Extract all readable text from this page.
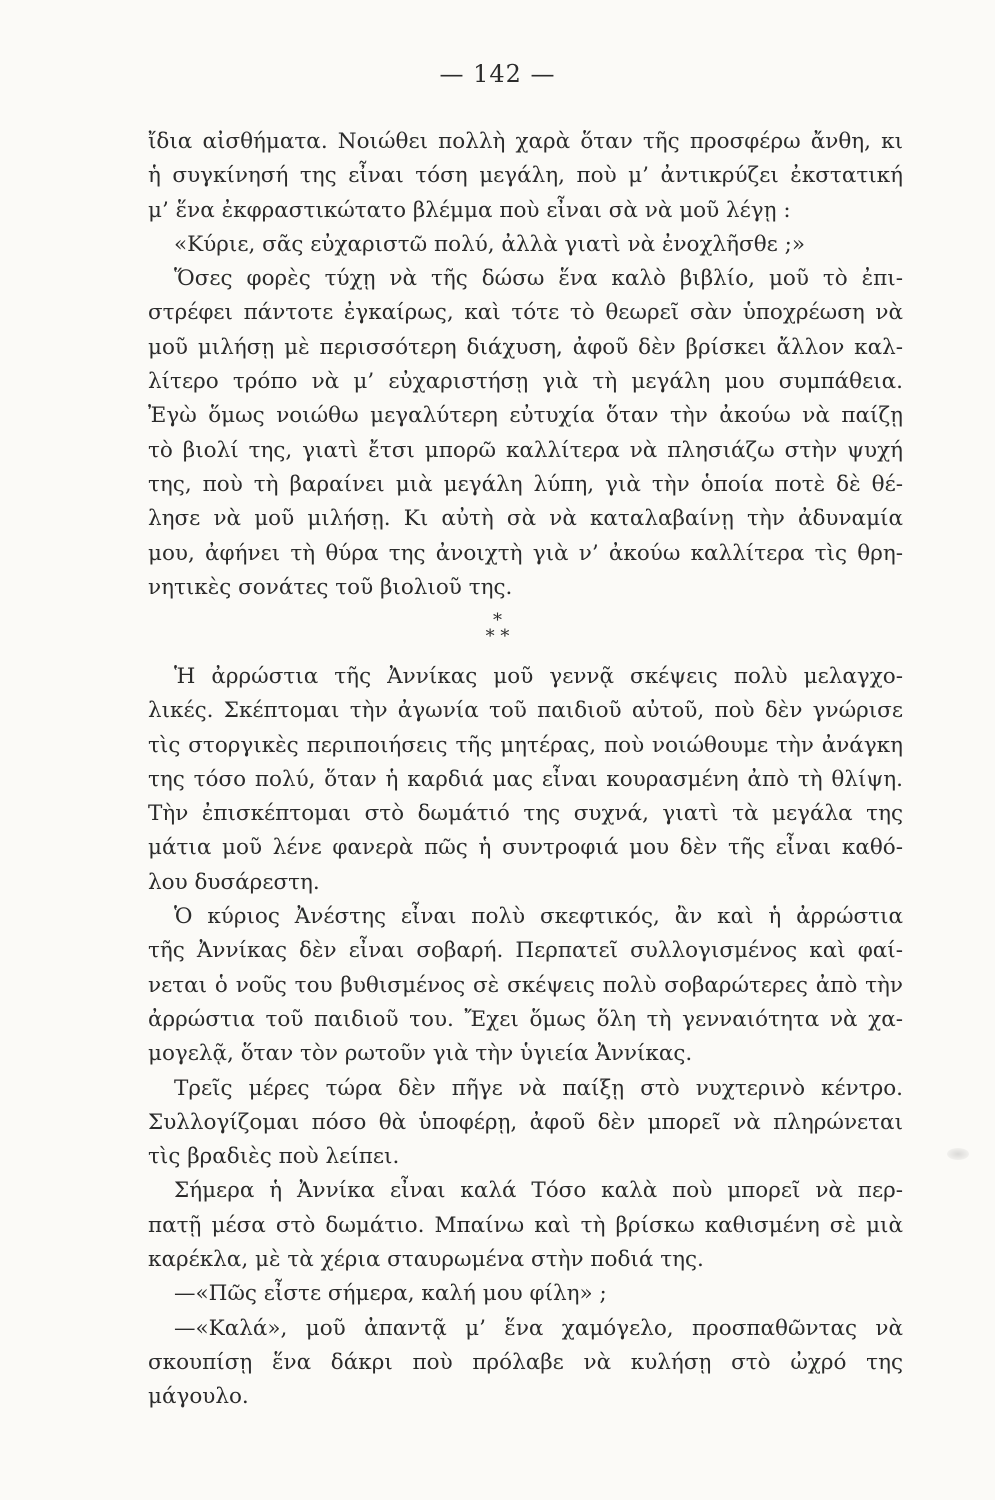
— 142 —
ἴδια αἰσθήματα. Νοιώθει πολλὴ χαρὰ ὅταν τῆς προσφέρω ἄνθη, κι
ἡ συγκίνησή της εἶναι τόση μεγάλη, ποὺ μ’ ἀντικρύζει ἐκστατική
μ’ ἕνα ἐκφραστικώτατο βλέμμα ποὺ εἶναι σὰ νὰ μοῦ λέγῃ :
«Κύριε, σᾶς εὐχαριστῶ πολύ, ἀλλὰ γιατὶ νὰ ἐνοχλῆσθε ;»
Ὅσες φορὲς τύχῃ νὰ τῆς δώσω ἕνα καλὸ βιβλίο, μοῦ τὸ ἐπι-
στρέφει πάντοτε ἐγκαίρως, καὶ τότε τὸ θεωρεῖ σὰν ὑποχρέωση νὰ
μοῦ μιλήσῃ μὲ περισσότερη διάχυση, ἀφοῦ δὲν βρίσκει ἄλλον καλ-
λίτερο τρόπο νὰ μ’ εὐχαριστήσῃ γιὰ τὴ μεγάλη μου συμπάθεια.
Ἐγὼ ὅμως νοιώθω μεγαλύτερη εὐτυχία ὅταν τὴν ἀκούω νὰ παίζῃ
τὸ βιολί της, γιατὶ ἔτσι μπορῶ καλλίτερα νὰ πλησιάζω στὴν ψυχή
της, ποὺ τὴ βαραίνει μιὰ μεγάλη λύπη, γιὰ τὴν ὁποία ποτὲ δὲ θέ-
λησε νὰ μοῦ μιλήσῃ. Κι αὐτὴ σὰ νὰ καταλαβαίνῃ τὴν ἀδυναμία
μου, ἀφήνει τὴ θύρα της ἀνοιχτὴ γιὰ ν’ ἀκούω καλλίτερα τὶς θρη-
νητικὲς σονάτες τοῦ βιολιοῦ της.
*
* *
Ἡ ἀρρώστια τῆς Ἀννίκας μοῦ γεννᾷ σκέψεις πολὺ μελαγχο-
λικές. Σκέπτομαι τὴν ἀγωνία τοῦ παιδιοῦ αὐτοῦ, ποὺ δὲν γνώρισε
τὶς στοργικὲς περιποιήσεις τῆς μητέρας, ποὺ νοιώθουμε τὴν ἀνάγκη
της τόσο πολύ, ὅταν ἡ καρδιά μας εἶναι κουρασμένη ἀπὸ τὴ θλίψη.
Τὴν ἐπισκέπτομαι στὸ δωμάτιό της συχνά, γιατὶ τὰ μεγάλα της
μάτια μοῦ λένε φανερὰ πῶς ἡ συντροφιά μου δὲν τῆς εἶναι καθό-
λου δυσάρεστη.
Ὁ κύριος Ἀνέστης εἶναι πολὺ σκεφτικός, ἂν καὶ ἡ ἀρρώστια
τῆς Ἀννίκας δὲν εἶναι σοβαρή. Περπατεῖ συλλογισμένος καὶ φαί-
νεται ὁ νοῦς του βυθισμένος σὲ σκέψεις πολὺ σοβαρώτερες ἀπὸ τὴν
ἀρρώστια τοῦ παιδιοῦ του. Ἔχει ὅμως ὅλη τὴ γενναιότητα νὰ χα-
μογελᾷ, ὅταν τὸν ρωτοῦν γιὰ τὴν ὑγιεία Ἀννίκας.
Τρεῖς μέρες τώρα δὲν πῆγε νὰ παίξῃ στὸ νυχτερινὸ κέντρο.
Συλλογίζομαι πόσο θὰ ὑποφέρῃ, ἀφοῦ δὲν μπορεῖ νὰ πληρώνεται
τὶς βραδιὲς ποὺ λείπει.
Σήμερα ἡ Ἀννίκα εἶναι καλά Τόσο καλὰ ποὺ μπορεῖ νὰ περ-
πατῇ μέσα στὸ δωμάτιο. Μπαίνω καὶ τὴ βρίσκω καθισμένη σὲ μιὰ
καρέκλα, μὲ τὰ χέρια σταυρωμένα στὴν ποδιά της.
—«Πῶς εἶστε σήμερα, καλή μου φίλη» ;
—«Καλά», μοῦ ἀπαντᾷ μ’ ἕνα χαμόγελο, προσπαθῶντας νὰ
σκουπίσῃ ἕνα δάκρι ποὺ πρόλαβε νὰ κυλήσῃ στὸ ὠχρό της
μάγουλο.
